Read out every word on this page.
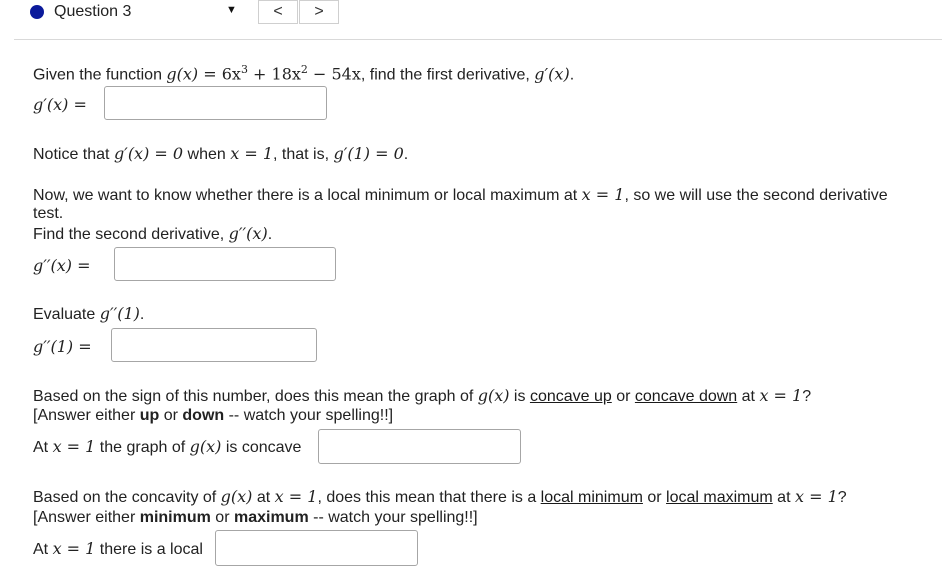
Question 3	▼	<	>
Given the function $g(x) = 6x^3 + 18x^2 - 54x$, find the first derivative, g′(x).
g′(x) =
Notice that g′(x) = 0 when x = 1, that is, g′(1) = 0.
Now, we want to know whether there is a local minimum or local maximum at x = 1, so we will use the second derivative
test.
Find the second derivative, g′′(x).
g′′(x) =
Evaluate g′′(1).
g′′(1) =
Based on the sign of this number, does this mean the graph of g(x) is concave up or concave down at x = 1?
[Answer either up or down -- watch your spelling!!]
At x = 1 the graph of g(x) is concave
Based on the concavity of g(x) at x = 1, does this mean that there is a local minimum or local maximum at x = 1?
[Answer either minimum or maximum -- watch your spelling!!]
At x = 1 there is a local
